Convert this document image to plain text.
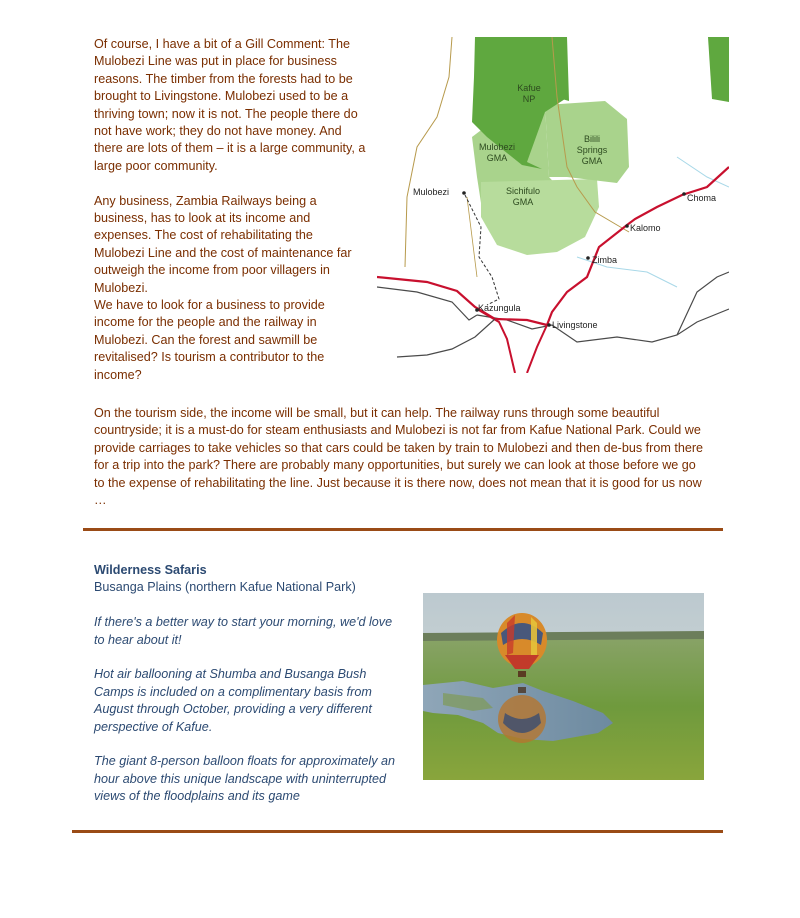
Of course, I have a bit of a Gill Comment: The Mulobezi Line was put in place for business reasons. The timber from the forests had to be brought to Livingstone. Mulobezi used to be a thriving town; now it is not. The people there do not have work; they do not have money. And there are lots of them – it is a large community, a large poor community.

Any business, Zambia Railways being a business, has to look at its income and expenses. The cost of rehabilitating the Mulobezi Line and the cost of maintenance far outweigh the income from poor villagers in Mulobezi.

We have to look for a business to provide income for the people and the railway in Mulobezi. Can the forest and sawmill be revitalised? Is tourism a contributor to the income?

Kafue NP
Mulobezi GMA
Bilili Springs GMA
Sichifulo GMA
Mulobezi
Choma
Kalomo
Zimba
Kazungula
Livingstone
On the tourism side, the income will be small, but it can help. The railway runs through some beautiful countryside; it is a must-do for steam enthusiasts and Mulobezi is not far from Kafue National Park. Could we provide carriages to take vehicles so that cars could be taken by train to Mulobezi and then de-bus from there for a trip into the park? There are probably many opportunities, but surely we can look at those before we go to the expense of rehabilitating the line. Just because it is there now, does not mean that it is good for us now …
Wilderness Safaris
Busanga Plains (northern Kafue National Park)

If there's a better way to start your morning, we'd love to hear about it!

Hot air ballooning at Shumba and Busanga Bush Camps is included on a complimentary basis from August through October, providing a very different perspective of Kafue.

The giant 8-person balloon floats for approximately an hour above this unique landscape with uninterrupted views of the floodplains and its game
